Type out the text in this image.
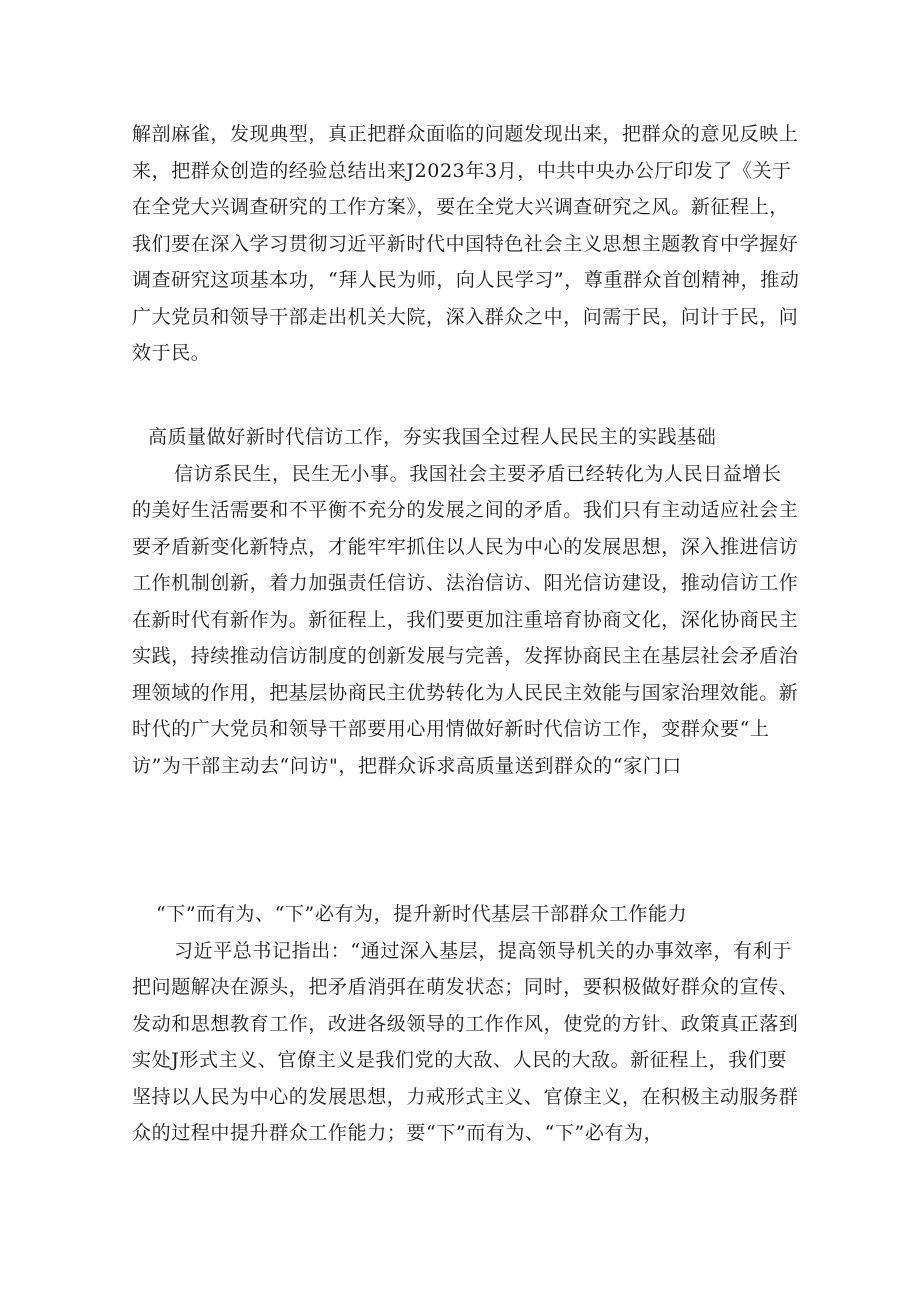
解剖麻雀，发现典型，真正把群众面临的问题发现出来，把群众的意见反映上来，把群众创造的经验总结出来J2023年3月，中共中央办公厅印发了《关于在全党大兴调查研究的工作方案》，要在全党大兴调查研究之风。新征程上，我们要在深入学习贯彻习近平新时代中国特色社会主义思想主题教育中学握好调查研究这项基本功，“拜人民为师，向人民学习”，尊重群众首创精神，推动广大党员和领导干部走出机关大院，深入群众之中，问需于民，问计于民，问效于民。

高质量做好新时代信访工作，夯实我国全过程人民民主的实践基础

信访系民生，民生无小事。我国社会主要矛盾已经转化为人民日益增长的美好生活需要和不平衡不充分的发展之间的矛盾。我们只有主动适应社会主要矛盾新变化新特点，才能牢牢抓住以人民为中心的发展思想，深入推进信访工作机制创新，着力加强责任信访、法治信访、阳光信访建设，推动信访工作在新时代有新作为。新征程上，我们要更加注重培育协商文化，深化协商民主实践，持续推动信访制度的创新发展与完善，发挥协商民主在基层社会矛盾治理领域的作用，把基层协商民主优势转化为人民民主效能与国家治理效能。新时代的广大党员和领导干部要用心用情做好新时代信访工作，变群众要“上访”为干部主动去“问访"，把群众诉求高质量送到群众的“家门口

“下”而有为、“下”必有为，提升新时代基层干部群众工作能力

习近平总书记指出：“通过深入基层，提高领导机关的办事效率，有利于把问题解决在源头，把矛盾消弭在萌发状态；同时，要积极做好群众的宣传、发动和思想教育工作，改进各级领导的工作作风，使党的方针、政策真正落到实处J形式主义、官僚主义是我们党的大敌、人民的大敌。新征程上，我们要坚持以人民为中心的发展思想，力戒形式主义、官僚主义，在积极主动服务群众的过程中提升群众工作能力；要“下”而有为、“下”必有为，
